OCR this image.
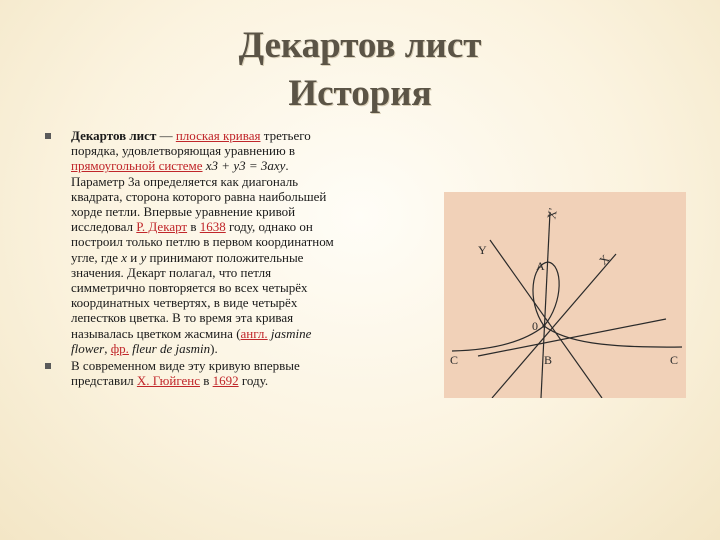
Декартов лист
История
Декартов лист — плоская кривая третьего порядка, удовлетворяющая уравнению в прямоугольной системе x3 + y3 = 3axy. Параметр 3a определяется как диагональ квадрата, сторона которого равна наибольшей хорде петли. Впервые уравнение кривой исследовал Р. Декарт в 1638 году, однако он построил только петлю в первом координатном угле, где x и y принимают положительные значения. Декарт полагал, что петля симметрично повторяется во всех четырёх координатных четвертях, в виде четырёх лепестков цветка. В то время эта кривая называлась цветком жасмина (англ. jasmine flower, фр. fleur de jasmin).
В современном виде эту кривую впервые представил Х. Гюйгенс в 1692 году.
X'
Y
X
A
0
B
C	C
